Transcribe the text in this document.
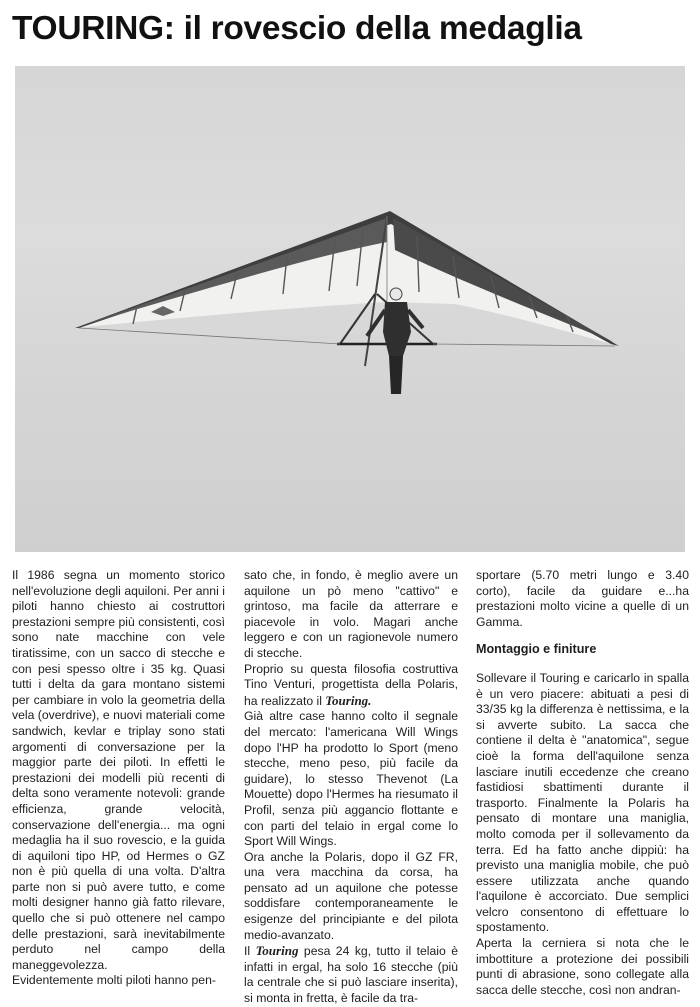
TOURING: il rovescio della medaglia

Il 1986 segna un momento storico nell'evoluzione degli aquiloni. Per anni i piloti hanno chiesto ai costruttori prestazioni sempre più consistenti, così sono nate macchine con vele tiratissime, con un sacco di stecche e con pesi spesso oltre i 35 kg. Quasi tutti i delta da gara montano sistemi per cambiare in volo la geometria della vela (overdrive), e nuovi materiali come sandwich, kevlar e triplay sono stati argomenti di conversazione per la maggior parte dei piloti. In effetti le prestazioni dei modelli più recenti di delta sono veramente notevoli: grande efficienza, grande velocità, conservazione dell'energia... ma ogni medaglia ha il suo rovescio, e la guida di aquiloni tipo HP, od Hermes o GZ non è più quella di una volta. D'altra parte non si può avere tutto, e come molti designer hanno già fatto rilevare, quello che si può ottenere nel campo delle prestazioni, sarà inevitabilmente perduto nel campo della maneggevolezza.

Evidentemente molti piloti hanno pen-

sato che, in fondo, è meglio avere un aquilone un pò meno "cattivo" e grintoso, ma facile da atterrare e piacevole in volo. Magari anche leggero e con un ragionevole numero di stecche.

Proprio su questa filosofia costruttiva Tino Venturi, progettista della Polaris, ha realizzato il Touring.

Già altre case hanno colto il segnale del mercato: l'americana Will Wings dopo l'HP ha prodotto lo Sport (meno stecche, meno peso, più facile da guidare), lo stesso Thevenot (La Mouette) dopo l'Hermes ha riesumato il Profil, senza più aggancio flottante e con parti del telaio in ergal come lo Sport Will Wings.

Ora anche la Polaris, dopo il GZ FR, una vera macchina da corsa, ha pensato ad un aquilone che potesse soddisfare contemporaneamente le esigenze del principiante e del pilota medio-avanzato.

Il Touring pesa 24 kg, tutto il telaio è infatti in ergal, ha solo 16 stecche (più la centrale che si può lasciare inserita), si monta in fretta, è facile da tra-

sportare (5.70 metri lungo e 3.40 corto), facile da guidare e...ha prestazioni molto vicine a quelle di un Gamma.

Montaggio e finiture

Sollevare il Touring e caricarlo in spalla è un vero piacere: abituati a pesi di 33/35 kg la differenza è nettissima, e la si avverte subito. La sacca che contiene il delta è "anatomica", segue cioè la forma dell'aquilone senza lasciare inutili eccedenze che creano fastidiosi sbattimenti durante il trasporto. Finalmente la Polaris ha pensato di montare una maniglia, molto comoda per il sollevamento da terra. Ed ha fatto anche dippiù: ha previsto una maniglia mobile, che può essere utilizzata anche quando l'aquilone è accorciato. Due semplici velcro consentono di effettuare lo spostamento.

Aperta la cerniera si nota che le imbottiture a protezione dei possibili punti di abrasione, sono collegate alla sacca delle stecche, così non andran-
